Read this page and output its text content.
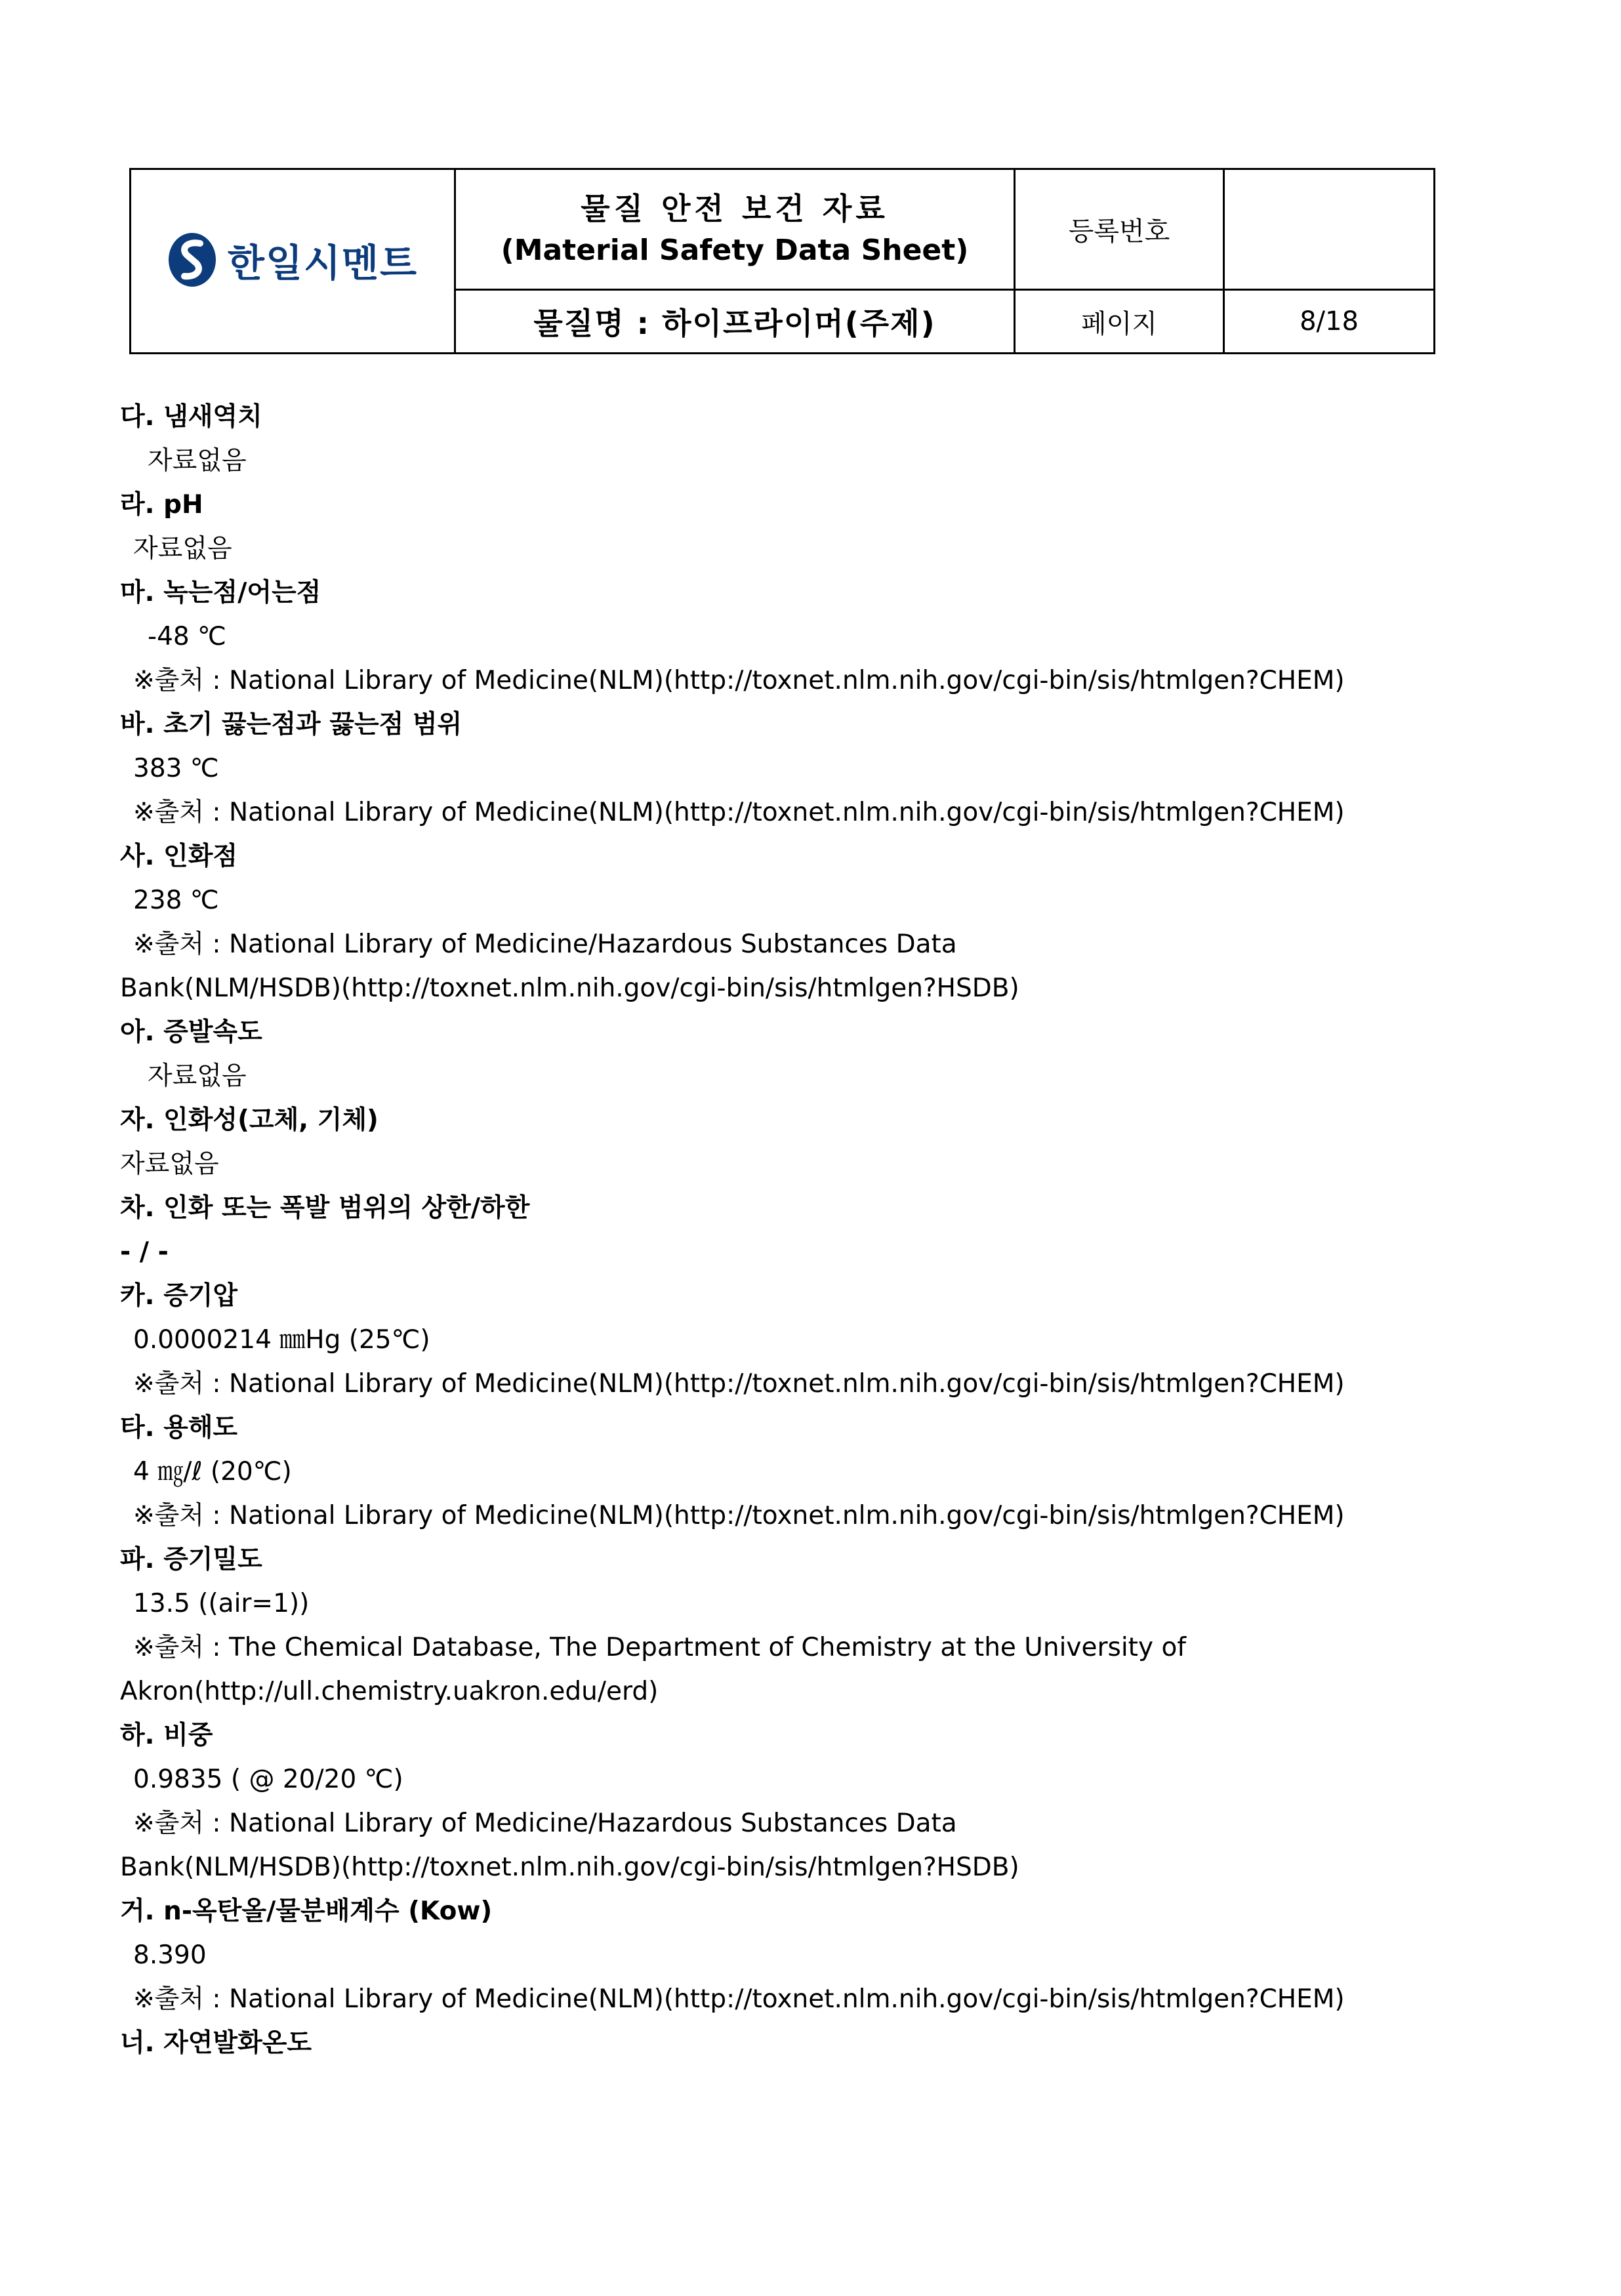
한일시멘트	물질 안전 보건 자료
(Material Safety Data Sheet)	등록번호	
	물질명 : 하이프라이머(주제)	페이지	8/18
다. 냄새역치
자료없음
라. pH
자료없음
마. 녹는점/어는점
-48 ℃
※출처 : National Library of Medicine(NLM)(http://toxnet.nlm.nih.gov/cgi-bin/sis/htmlgen?CHEM)
바. 초기 끓는점과 끓는점 범위
383 ℃
※출처 : National Library of Medicine(NLM)(http://toxnet.nlm.nih.gov/cgi-bin/sis/htmlgen?CHEM)
사. 인화점
238 ℃
※출처 : National Library of Medicine/Hazardous Substances Data
Bank(NLM/HSDB)(http://toxnet.nlm.nih.gov/cgi-bin/sis/htmlgen?HSDB)
아. 증발속도
자료없음
자. 인화성(고체, 기체)
자료없음
차. 인화 또는 폭발 범위의 상한/하한
- / -
카. 증기압
0.0000214 ㎜Hg (25℃)
※출처 : National Library of Medicine(NLM)(http://toxnet.nlm.nih.gov/cgi-bin/sis/htmlgen?CHEM)
타. 용해도
4 ㎎/ℓ (20℃)
※출처 : National Library of Medicine(NLM)(http://toxnet.nlm.nih.gov/cgi-bin/sis/htmlgen?CHEM)
파. 증기밀도
13.5 ((air=1))
※출처 : The Chemical Database, The Department of Chemistry at the University of
Akron(http://ull.chemistry.uakron.edu/erd)
하. 비중
0.9835 ( @ 20/20 ℃)
※출처 : National Library of Medicine/Hazardous Substances Data
Bank(NLM/HSDB)(http://toxnet.nlm.nih.gov/cgi-bin/sis/htmlgen?HSDB)
거. n-옥탄올/물분배계수 (Kow)
8.390
※출처 : National Library of Medicine(NLM)(http://toxnet.nlm.nih.gov/cgi-bin/sis/htmlgen?CHEM)
너. 자연발화온도
